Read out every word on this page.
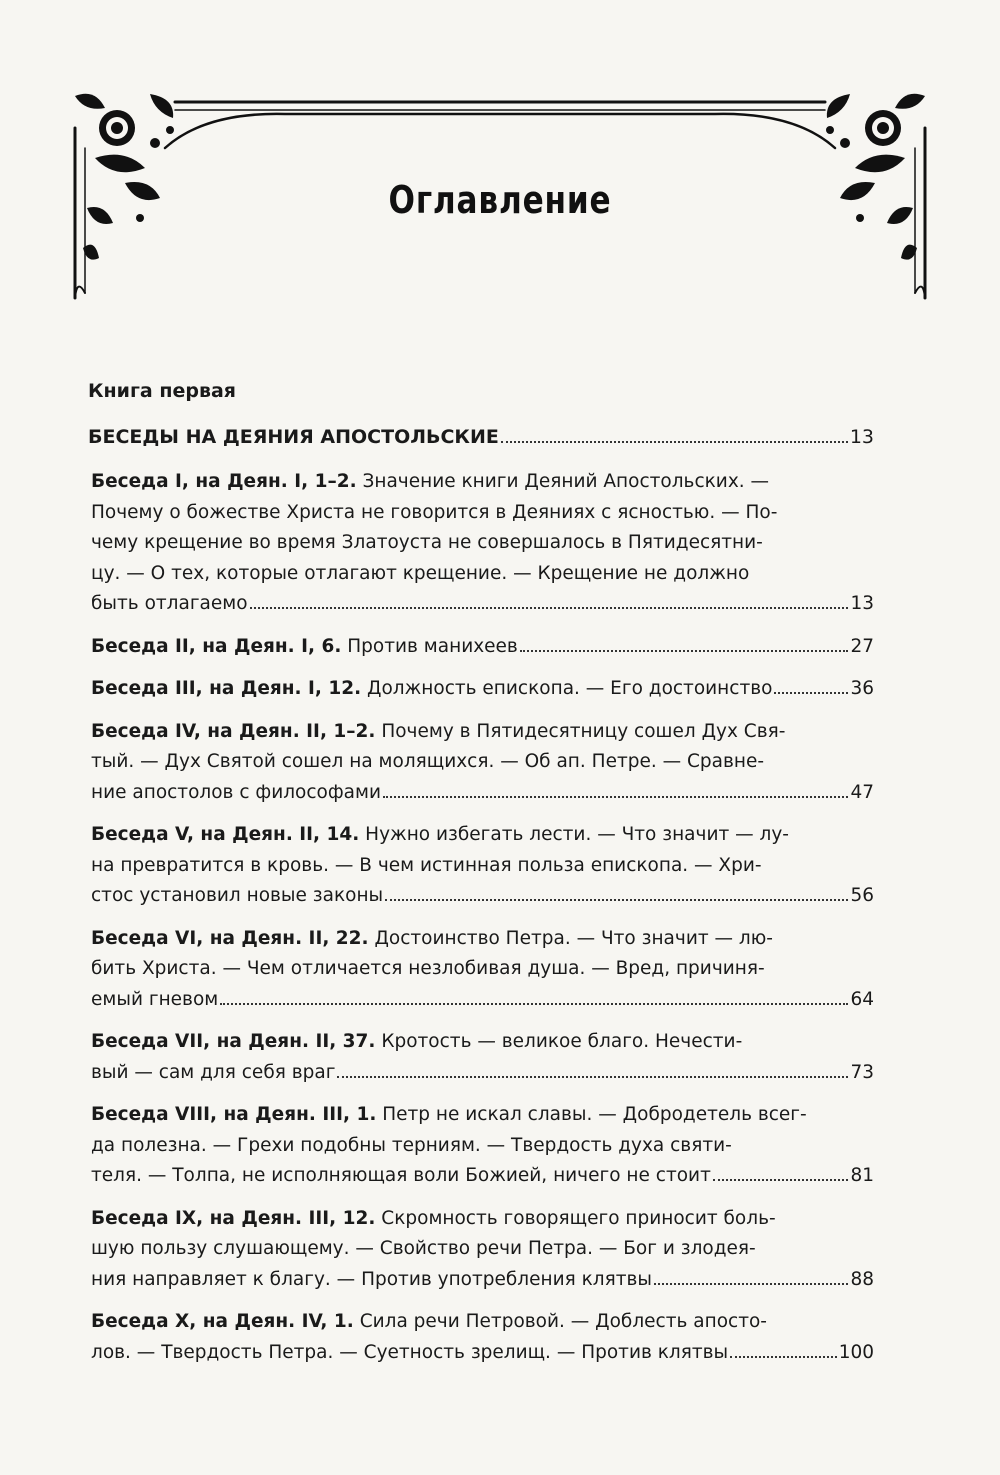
Оглавление
Книга первая
БЕСЕДЫ НА ДЕЯНИЯ АПОСТОЛЬСКИЕ	13
Беседа I, на Деян. I, 1–2. Значение книги Деяний Апостольских. —
Почему о божестве Христа не говорится в Деяниях с ясностью. — По-
чему крещение во время Златоуста не совершалось в Пятидесятни-
цу. — О тех, которые отлагают крещение. — Крещение не должно
быть отлагаемо	13
Беседа II, на Деян. I, 6. Против манихеев	27
Беседа III, на Деян. I, 12. Должность епископа. — Его достоинство	36
Беседа IV, на Деян. II, 1–2. Почему в Пятидесятницу сошел Дух Свя-
тый. — Дух Святой сошел на молящихся. — Об ап. Петре. — Сравне-
ние апостолов с философами	47
Беседа V, на Деян. II, 14. Нужно избегать лести. — Что значит — лу-
на превратится в кровь. — В чем истинная польза епископа. — Хри-
стос установил новые законы	56
Беседа VI, на Деян. II, 22. Достоинство Петра. — Что значит — лю-
бить Христа. — Чем отличается незлобивая душа. — Вред, причиня-
емый гневом	64
Беседа VII, на Деян. II, 37. Кротость — великое благо. Нечести-
вый — сам для себя враг	73
Беседа VIII, на Деян. III, 1. Петр не искал славы. — Добродетель всег-
да полезна. — Грехи подобны терниям. — Твердость духа святи-
теля. — Толпа, не исполняющая воли Божией, ничего не стоит	81
Беседа IX, на Деян. III, 12. Скромность говорящего приносит боль-
шую пользу слушающему. — Свойство речи Петра. — Бог и злодея-
ния направляет к благу. — Против употребления клятвы	88
Беседа X, на Деян. IV, 1. Сила речи Петровой. — Доблесть апосто-
лов. — Твердость Петра. — Суетность зрелищ. — Против клятвы	100
